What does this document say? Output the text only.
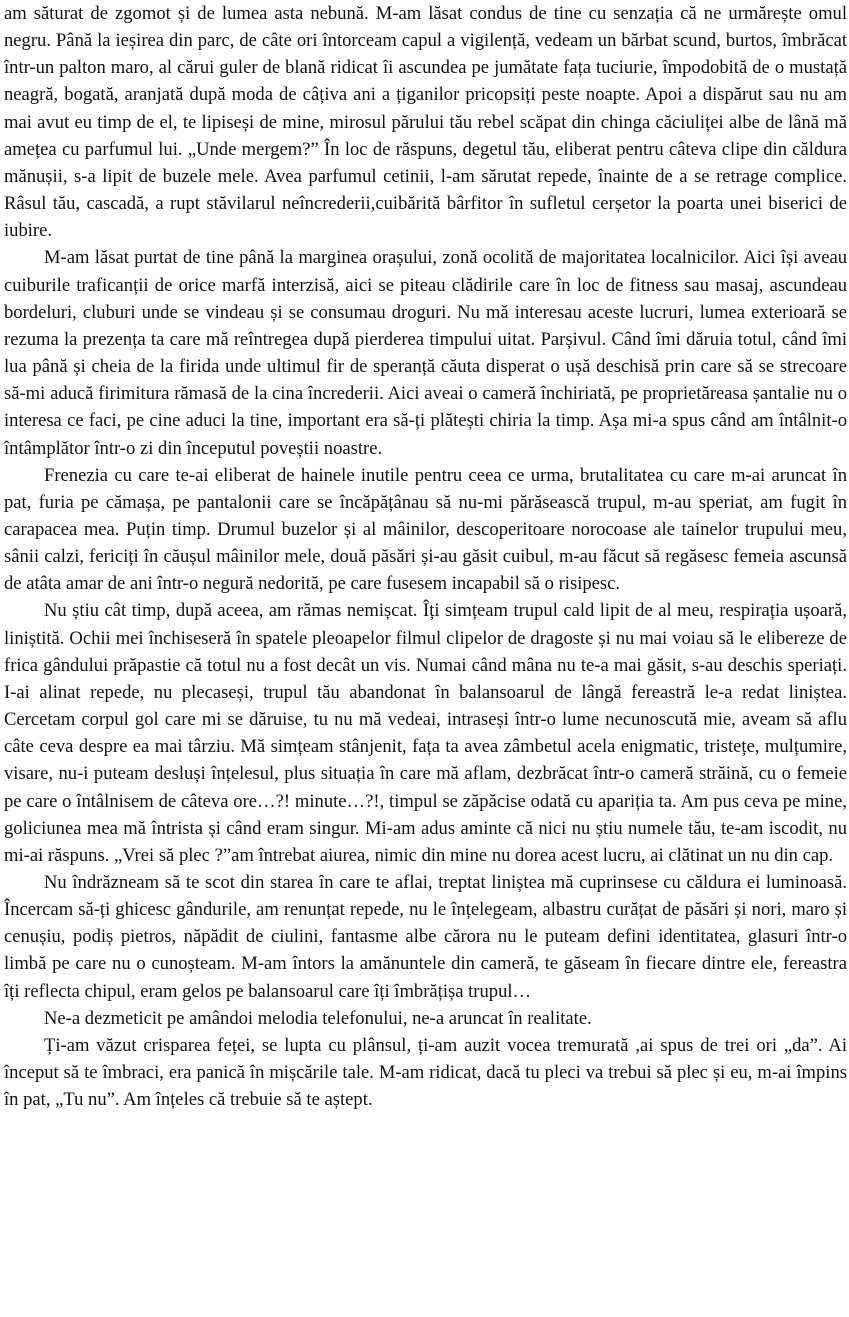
am săturat de zgomot și de lumea asta nebună. M-am lăsat condus de tine cu senzația că ne urmărește omul negru. Până la ieșirea din parc, de câte ori întorceam capul a vigilență, vedeam un bărbat scund, burtos, îmbrăcat într-un palton maro, al cărui guler de blană ridicat îi ascundea pe jumătate fața tuciurie, împodobită de o mustață neagră, bogată, aranjată după moda de câțiva ani a țiganilor pricopsiți peste noapte. Apoi a dispărut sau nu am mai avut eu timp de el, te lipiseși de mine, mirosul părului tău rebel scăpat din chinga căciuliței albe de lână mă amețea cu parfumul lui. „Unde mergem?” În loc de răspuns, degetul tău, eliberat pentru câteva clipe din căldura mănușii, s-a lipit de buzele mele. Avea parfumul cetinii, l-am sărutat repede, înainte de a se retrage complice. Râsul tău, cascadă, a rupt stăvilarul neîncrederii,cuibărită bârfitor în sufletul cerșetor la poarta unei biserici de iubire.

M-am lăsat purtat de tine până la marginea orașului, zonă ocolită de majoritatea localnicilor. Aici își aveau cuiburile traficanții de orice marfă interzisă, aici se piteau clădirile care în loc de fitness sau masaj, ascundeau bordeluri, cluburi unde se vindeau și se consumau droguri. Nu mă interesau aceste lucruri, lumea exterioară se rezuma la prezența ta care mă reîntregea după pierderea timpului uitat. Parșivul. Când îmi dăruia totul, când îmi lua până și cheia de la firida unde ultimul fir de speranță căuta disperat o ușă deschisă prin care să se strecoare să-mi aducă firimitura rămasă de la cina încrederii. Aici aveai o cameră închiriată, pe proprietăreasa șantalie nu o interesa ce faci, pe cine aduci la tine, important era să-ți plătești chiria la timp. Așa mi-a spus când am întâlnit-o întâmplător într-o zi din începutul poveștii noastre.

Frenezia cu care te-ai eliberat de hainele inutile pentru ceea ce urma, brutalitatea cu care m-ai aruncat în pat, furia pe cămașa, pe pantalonii care se încăpățânau să nu-mi părăsească trupul, m-au speriat, am fugit în carapacea mea. Puțin timp. Drumul buzelor și al mâinilor, descoperitoare norocoase ale tainelor trupului meu, sânii calzi, fericiți în căușul mâinilor mele, două păsări și-au găsit cuibul, m-au făcut să regăsesc femeia ascunsă de atâta amar de ani într-o negură nedorită, pe care fusesem incapabil să o risipesc.

Nu știu cât timp, după aceea, am rămas nemișcat. Îți simțeam trupul cald lipit de al meu, respirația ușoară, liniștită. Ochii mei închiseseră în spatele pleoapelor filmul clipelor de dragoste și nu mai voiau să le elibereze de frica gândului prăpastie că totul nu a fost decât un vis. Numai când mâna nu te-a mai găsit, s-au deschis speriați. I-ai alinat repede, nu plecaseși, trupul tău abandonat în balansoarul de lângă fereastră le-a redat liniștea. Cercetam corpul gol care mi se dăruise, tu nu mă vedeai, intraseși într-o lume necunoscută mie, aveam să aflu câte ceva despre ea mai târziu. Mă simțeam stânjenit, fața ta avea zâmbetul acela enigmatic, tristețe, mulțumire, visare, nu-i puteam desluși înțelesul, plus situația în care mă aflam, dezbrăcat într-o cameră străină, cu o femeie pe care o întâlnisem de câteva ore…?! minute…?!, timpul se zăpăcise odată cu apariția ta. Am pus ceva pe mine, goliciunea mea mă întrista și când eram singur. Mi-am adus aminte că nici nu știu numele tău, te-am iscodit, nu mi-ai răspuns. „Vrei să plec ?”am întrebat aiurea, nimic din mine nu dorea acest lucru, ai clătinat un nu din cap.

Nu îndrăzneam să te scot din starea în care te aflai, treptat liniștea mă cuprinsese cu căldura ei luminoasă. Încercam să-ți ghicesc gândurile, am renunțat repede, nu le înțelegeam, albastru curățat de păsări și nori, maro și cenușiu, podiș pietros, năpădit de ciulini, fantasme albe cărora nu le puteam defini identitatea, glasuri într-o limbă pe care nu o cunoșteam. M-am întors la amănuntele din cameră, te găseam în fiecare dintre ele, fereastra îți reflecta chipul, eram gelos pe balansoarul care îți îmbrățișa trupul…

Ne-a dezmeticit pe amândoi melodia telefonului, ne-a aruncat în realitate.

Ți-am văzut crisparea feței, se lupta cu plânsul, ți-am auzit vocea tremurată ,ai spus de trei ori „da”. Ai început să te îmbraci, era panică în mișcările tale. M-am ridicat, dacă tu pleci va trebui să plec și eu, m-ai împins în pat, „Tu nu”. Am înțeles că trebuie să te aștept.
